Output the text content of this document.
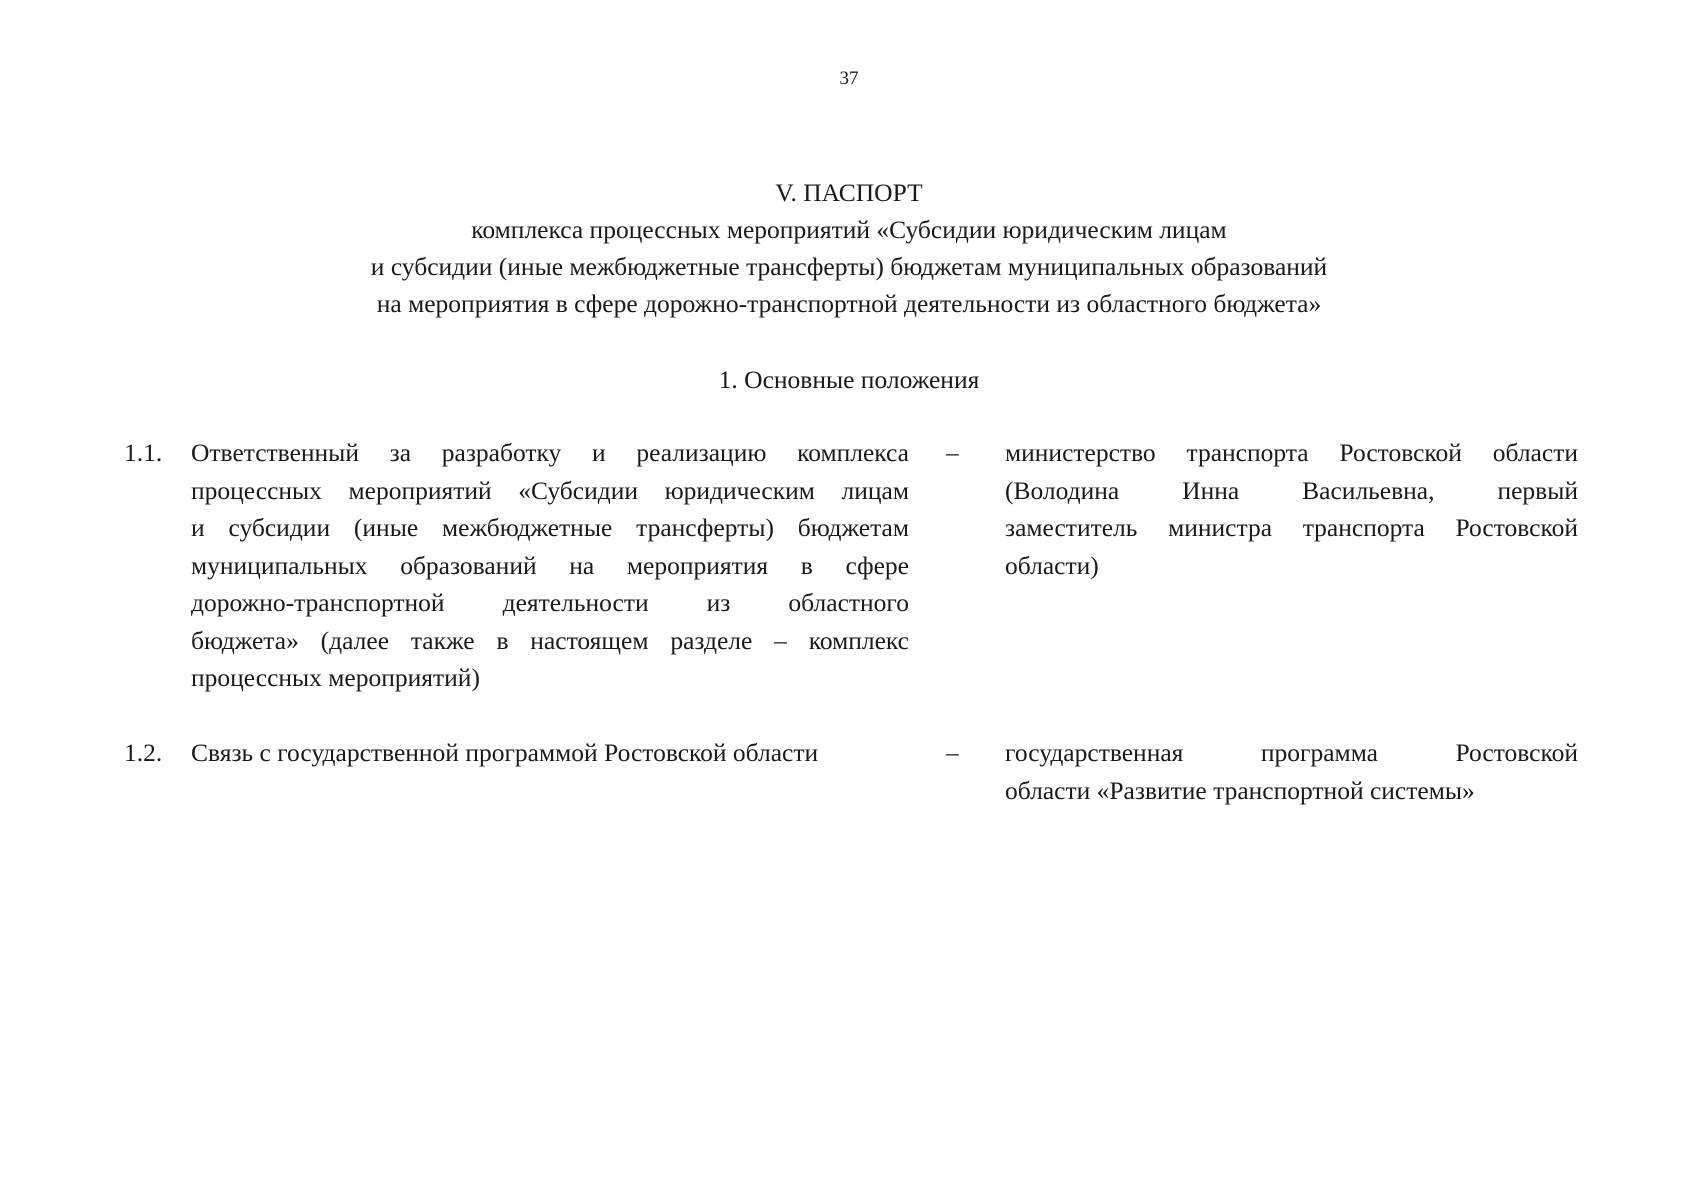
37
V. ПАСПОРТ
комплекса процессных мероприятий «Субсидии юридическим лицам
и субсидии (иные межбюджетные трансферты) бюджетам муниципальных образований
на мероприятия в сфере дорожно-транспортной деятельности из областного бюджета»
1. Основные положения
1.1. Ответственный за разработку и реализацию комплекса
процессных мероприятий «Субсидии юридическим лицам
и субсидии (иные межбюджетные трансферты) бюджетам
муниципальных образований на мероприятия в сфере
дорожно-транспортной деятельности из областного
бюджета» (далее также в настоящем разделе – комплекс
процессных мероприятий)
– министерство транспорта Ростовской области
(Володина Инна Васильевна, первый
заместитель министра транспорта Ростовской
области)
1.2. Связь с государственной программой Ростовской области	– государственная программа Ростовской
области «Развитие транспортной системы»
